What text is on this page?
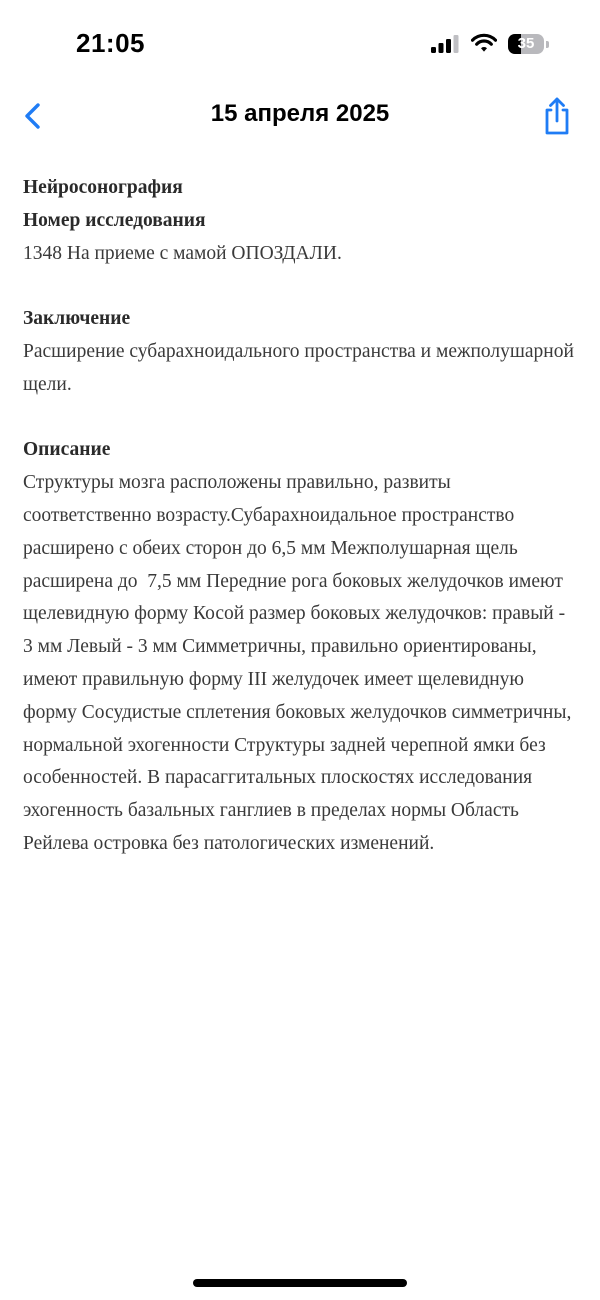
21:05	35
15 апреля 2025

Нейросонография

Номер исследования

1348 На приеме с мамой ОПОЗДАЛИ.

Заключение

Расширение субарахноидального пространства и межполушарной щели.

Описание

Структуры мозга расположены правильно, развиты соответственно возрасту.Субарахноидальное пространство расширено с обеих сторон до 6,5 мм Межполушарная щель расширена до  7,5 мм Передние рога боковых желудочков имеют щелевидную форму Косой размер боковых желудочков: правый - 3 мм Левый - 3 мм Симметричны, правильно ориентированы, имеют правильную форму III желудочек имеет щелевидную форму Сосудистые сплетения боковых желудочков симметричны, нормальной эхогенности Структуры задней черепной ямки без особенностей. В парасаггитальных плоскостях исследования эхогенность базальных ганглиев в пределах нормы Область Рейлева островка без патологических изменений.
